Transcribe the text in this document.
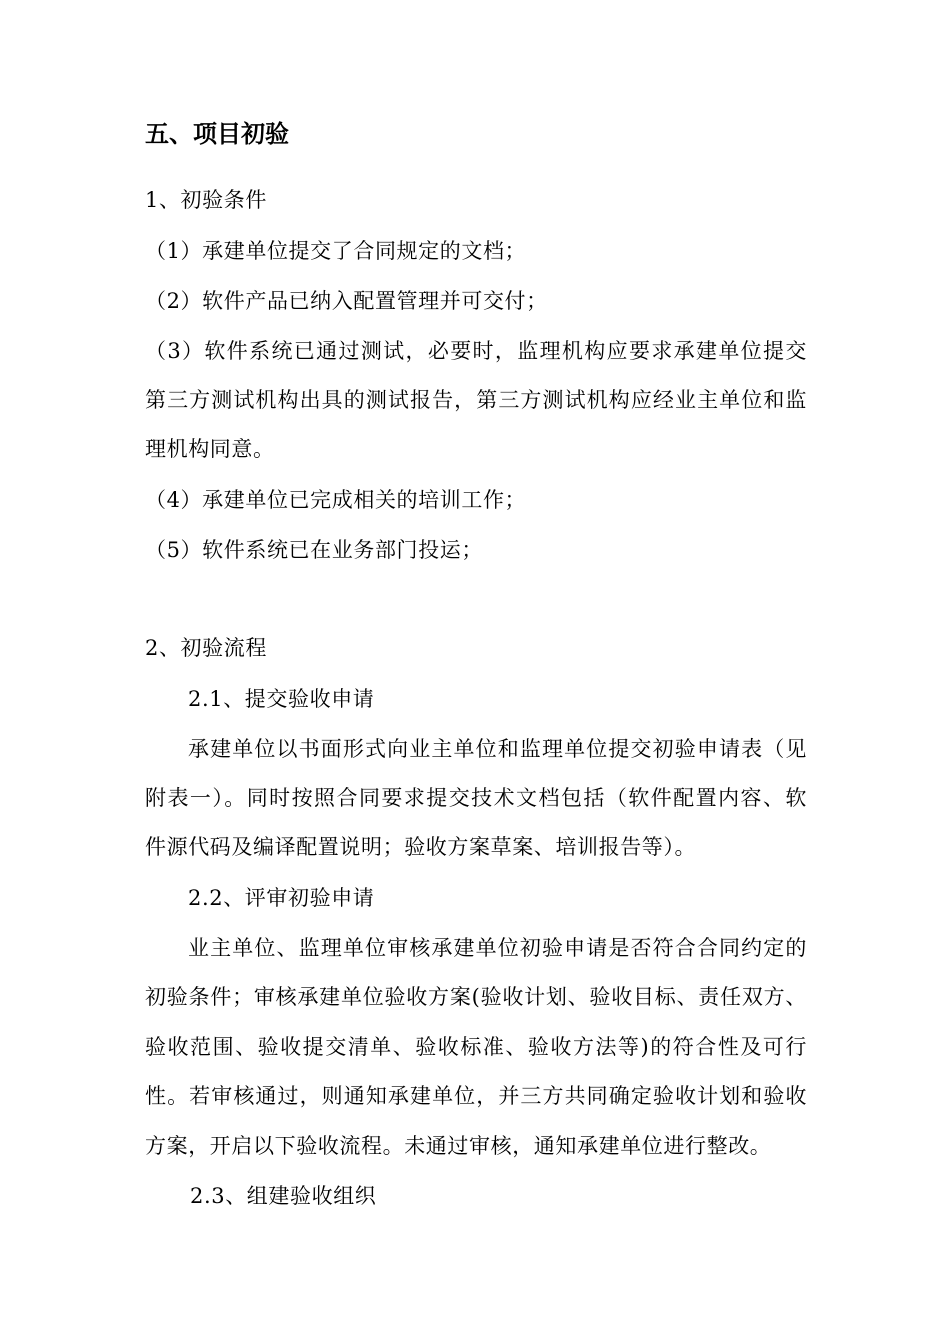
五、项目初验
1、初验条件
（1）承建单位提交了合同规定的文档；
（2）软件产品已纳入配置管理并可交付；
（3）软件系统已通过测试，必要时，监理机构应要求承建单位提交
第三方测试机构出具的测试报告，第三方测试机构应经业主单位和监
理机构同意。
（4）承建单位已完成相关的培训工作；
（5）软件系统已在业务部门投运；
2、初验流程
2.1、提交验收申请
承建单位以书面形式向业主单位和监理单位提交初验申请表（见
附表一）。同时按照合同要求提交技术文档包括（软件配置内容、软
件源代码及编译配置说明；验收方案草案、培训报告等）。
2.2、评审初验申请
业主单位、监理单位审核承建单位初验申请是否符合合同约定的
初验条件；审核承建单位验收方案(验收计划、验收目标、责任双方、
验收范围、验收提交清单、验收标准、验收方法等)的符合性及可行
性。若审核通过，则通知承建单位，并三方共同确定验收计划和验收
方案，开启以下验收流程。未通过审核，通知承建单位进行整改。
2.3、组建验收组织
